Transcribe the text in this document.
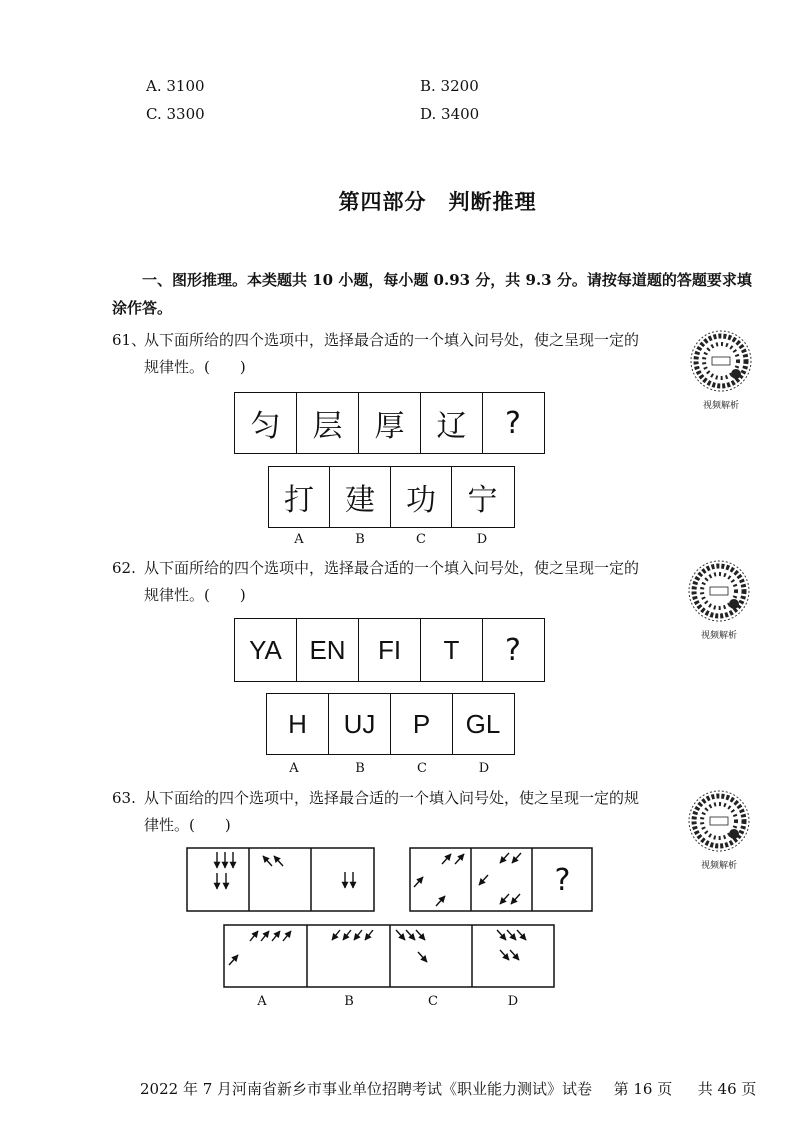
A. 3100	B. 3200
C. 3300	D. 3400
第四部分　判断推理
一、图形推理。本类题共 10 小题，每小题 0.93 分，共 9.3 分。请按每道题的答题要求填涂作答。
61、
从下面所给的四个选项中，选择最合适的一个填入问号处，使之呈现一定的
规律性。(　　)
匀	层	厚	辽	?
打	建	功	宁
A	B	C	D
视频解析
62. 从下面所给的四个选项中，选择最合适的一个填入问号处，使之呈现一定的
规律性。(　　)
YA	EN	FI	T	?
H	UJ	P	GL
A	B	C	D
视频解析
63. 从下面给的四个选项中，选择最合适的一个填入问号处，使之呈现一定的规
律性。(　　)
视频解析
?
A	B	C	D
2022 年 7 月河南省新乡市事业单位招聘考试《职业能力测试》试卷 第 16 页 共 46 页
